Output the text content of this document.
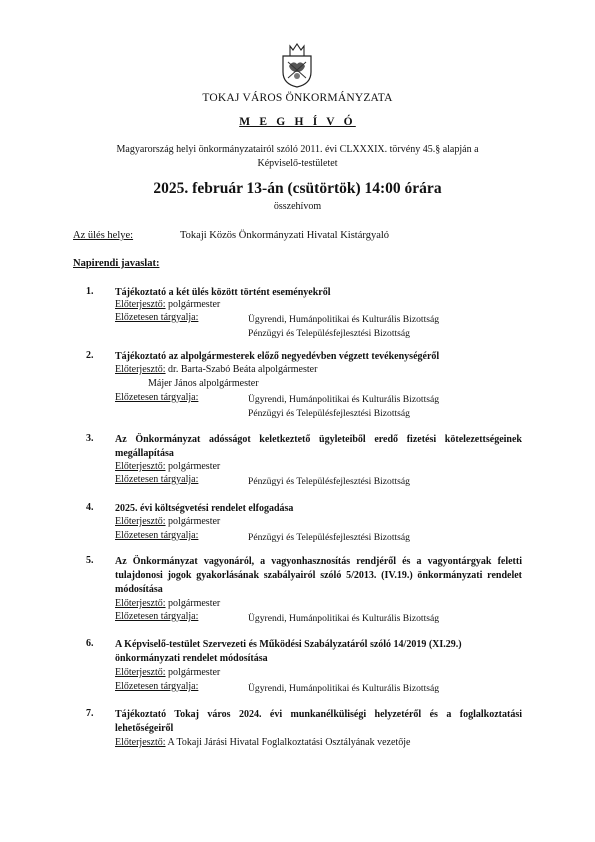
TOKAJ VÁROS ÖNKORMÁNYZATA
M E G H Í V Ó
Magyarország helyi önkormányzatairól szóló 2011. évi CLXXXIX. törvény 45.§ alapján a
Képviselő-testületet
2025. február 13-án (csütörtök) 14:00 órára
összehívom
Az ülés helye:	Tokaji Közös Önkormányzati Hivatal Kistárgyaló
Napirendi javaslat:
1. Tájékoztató a két ülés között történt eseményekről
Előterjesztő: polgármester
Előzetesen tárgyalja:	Ügyrendi, Humánpolitikai és Kulturális Bizottság
Pénzügyi és Településfejlesztési Bizottság
2. Tájékoztató az alpolgármesterek előző negyedévben végzett tevékenységéről
Előterjesztő: dr. Barta-Szabó Beáta alpolgármester
Májer János alpolgármester
Előzetesen tárgyalja:	Ügyrendi, Humánpolitikai és Kulturális Bizottság
Pénzügyi és Településfejlesztési Bizottság
3. Az Önkormányzat adósságot keletkeztető ügyleteiből eredő fizetési kötelezettségeinek megállapítása
Előterjesztő: polgármester
Előzetesen tárgyalja:	Pénzügyi és Településfejlesztési Bizottság
4. 2025. évi költségvetési rendelet elfogadása
Előterjesztő: polgármester
Előzetesen tárgyalja:	Pénzügyi és Településfejlesztési Bizottság
5. Az Önkormányzat vagyonáról, a vagyonhasznosítás rendjéről és a vagyontárgyak feletti tulajdonosi jogok gyakorlásának szabályairól szóló 5/2013. (IV.19.) önkormányzati rendelet módosítása
Előterjesztő: polgármester
Előzetesen tárgyalja:	Ügyrendi, Humánpolitikai és Kulturális Bizottság
6. A Képviselő-testület Szervezeti és Működési Szabályzatáról szóló 14/2019 (XI.29.) önkormányzati rendelet módosítása
Előterjesztő: polgármester
Előzetesen tárgyalja:	Ügyrendi, Humánpolitikai és Kulturális Bizottság
7. Tájékoztató Tokaj város 2024. évi munkanélküliségi helyzetéről és a foglalkoztatási lehetőségeiről
Előterjesztő: A Tokaji Járási Hivatal Foglalkoztatási Osztályának vezetője
